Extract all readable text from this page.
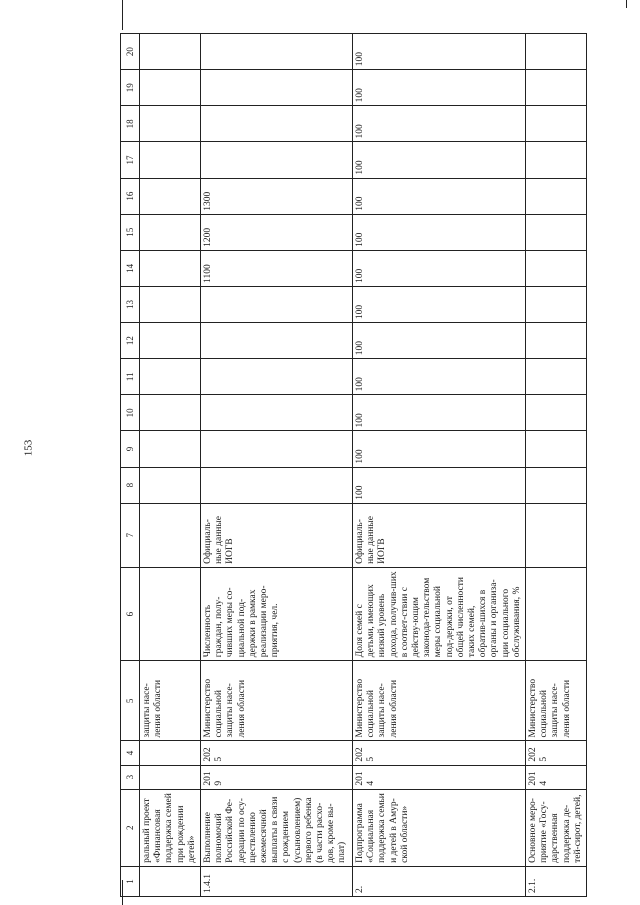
153
1	2	3	4	5	6	7	8	9	10	11	12	13	14	15	16	17	18	19	20
	ральный проект «Финансовая поддержка семей при рождении детей»			защиты насе-ления области															
1.4.1	Выполнение полномочий Российской Фе-дерации по осу-ществлению ежемесячной выплаты в связи с рождением (усыновлением) первого ребенка (в части расхо-дов, кроме вы-плат)	2019	2025	Министерство социальной защиты насе-ления области	Численность граждан, полу-чивших меры со-циальной под-держки в рамках реализации меро-приятия, чел.	Официаль-ные данные ИОГВ							1100	1200	1300				
2.	Подпрограмма «Социальная поддержка семьи и детей в Амур-ской области»	2014	2025	Министерство социальной защиты насе-ления области	Доля семей с детьми, имеющих низкий уровень дохода, получив-ших в соответ-ствии с действу-ющим законода-тельством меры социальной под-держки, от общей численности таких семей, обратив-шихся в органы и организа-ции социального обслуживания, %	Официаль-ные данные ИОГВ	100	100	100	100	100	100	100	100	100	100	100	100	100
2.1.	Основное меро-приятие «Госу-дарственная поддержка де-тей-сирот, детей,	2014	2025	Министерство социальной защиты насе-ления области															
